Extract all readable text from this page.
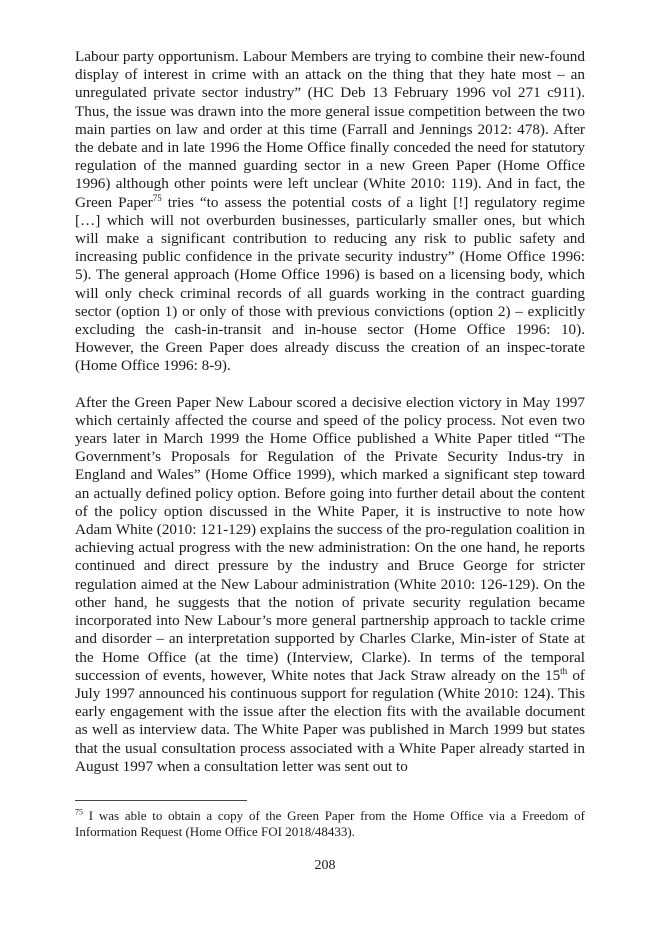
Labour party opportunism. Labour Members are trying to combine their new-found display of interest in crime with an attack on the thing that they hate most – an unregulated private sector industry” (HC Deb 13 February 1996 vol 271 c911). Thus, the issue was drawn into the more general issue competition between the two main parties on law and order at this time (Farrall and Jennings 2012: 478). After the debate and in late 1996 the Home Office finally conceded the need for statutory regulation of the manned guarding sector in a new Green Paper (Home Office 1996) although other points were left unclear (White 2010: 119). And in fact, the Green Paper$^{75}$ tries “to assess the potential costs of a light [!] regulatory regime […] which will not overburden businesses, particularly smaller ones, but which will make a significant contribution to reducing any risk to public safety and increasing public confidence in the private security industry” (Home Office 1996: 5). The general approach (Home Office 1996) is based on a licensing body, which will only check criminal records of all guards working in the contract guarding sector (option 1) or only of those with previous convictions (option 2) – explicitly excluding the cash-in-transit and in-house sector (Home Office 1996: 10). However, the Green Paper does already discuss the creation of an inspec-torate (Home Office 1996: 8-9).

After the Green Paper New Labour scored a decisive election victory in May 1997 which certainly affected the course and speed of the policy process. Not even two years later in March 1999 the Home Office published a White Paper titled “The Government’s Proposals for Regulation of the Private Security Indus-try in England and Wales” (Home Office 1999), which marked a significant step toward an actually defined policy option. Before going into further detail about the content of the policy option discussed in the White Paper, it is instructive to note how Adam White (2010: 121-129) explains the success of the pro-regulation coalition in achieving actual progress with the new administration: On the one hand, he reports continued and direct pressure by the industry and Bruce George for stricter regulation aimed at the New Labour administration (White 2010: 126-129). On the other hand, he suggests that the notion of private security regulation became incorporated into New Labour’s more general partnership approach to tackle crime and disorder – an interpretation supported by Charles Clarke, Min-ister of State at the Home Office (at the time) (Interview, Clarke). In terms of the temporal succession of events, however, White notes that Jack Straw already on the 15th of July 1997 announced his continuous support for regulation (White 2010: 124). This early engagement with the issue after the election fits with the available document as well as interview data. The White Paper was published in March 1999 but states that the usual consultation process associated with a White Paper already started in August 1997 when a consultation letter was sent out to

$^{75}$ I was able to obtain a copy of the Green Paper from the Home Office via a Freedom of Information Request (Home Office FOI 2018/48433).

208
